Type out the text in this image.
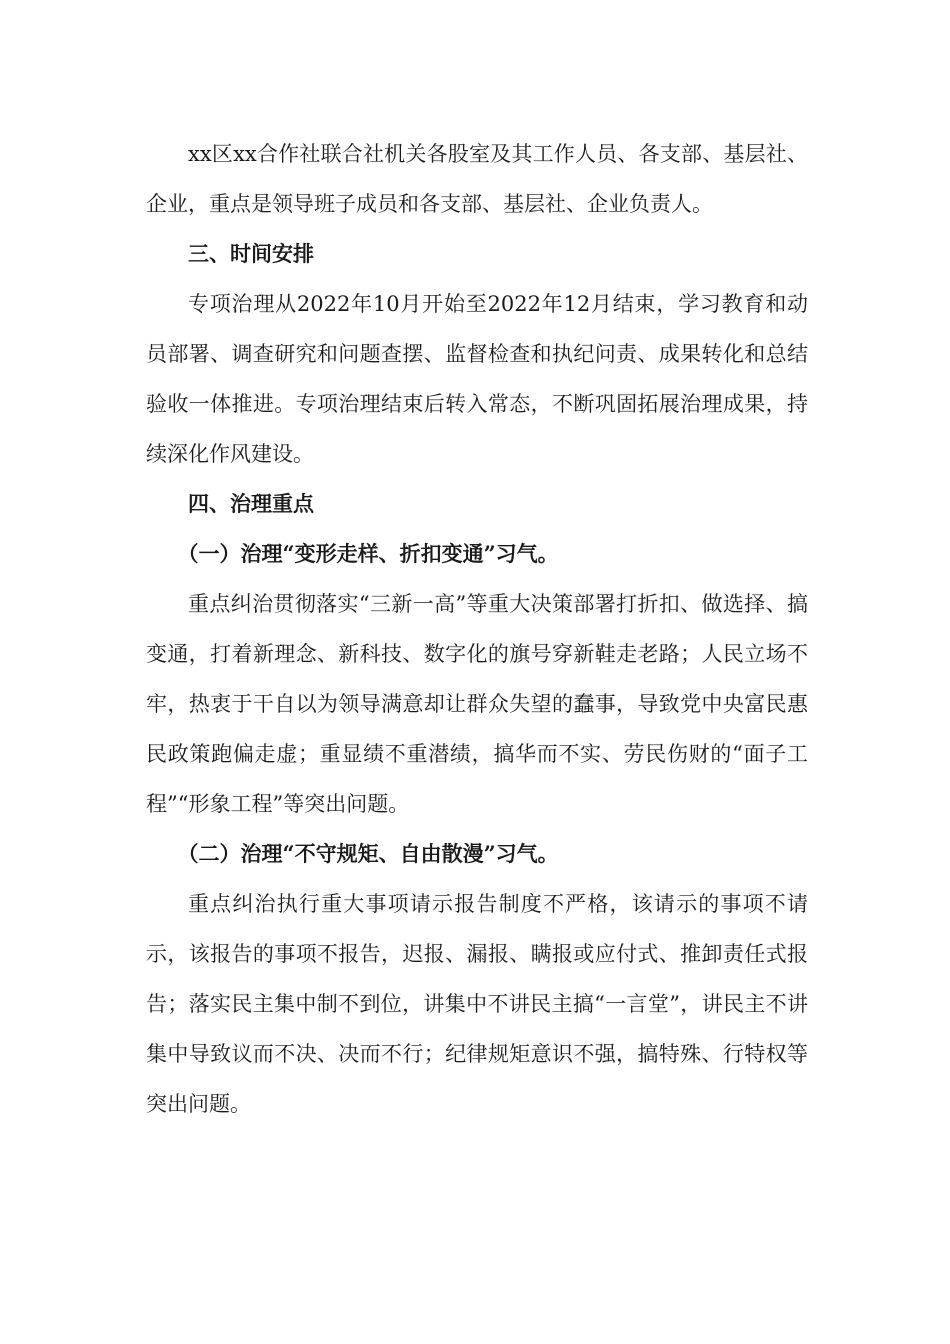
xx区xx合作社联合社机关各股室及其工作人员、各支部、基层社、企业，重点是领导班子成员和各支部、基层社、企业负责人。

三、时间安排

专项治理从2022年10月开始至2022年12月结束，学习教育和动员部署、调查研究和问题查摆、监督检查和执纪问责、成果转化和总结验收一体推进。专项治理结束后转入常态，不断巩固拓展治理成果，持续深化作风建设。

四、治理重点

（一）治理“变形走样、折扣变通”习气。

重点纠治贯彻落实“三新一高”等重大决策部署打折扣、做选择、搞变通，打着新理念、新科技、数字化的旗号穿新鞋走老路；人民立场不牢，热衷于干自以为领导满意却让群众失望的蠢事，导致党中央富民惠民政策跑偏走虚；重显绩不重潜绩，搞华而不实、劳民伤财的“面子工程”“形象工程”等突出问题。

（二）治理“不守规矩、自由散漫”习气。

重点纠治执行重大事项请示报告制度不严格，该请示的事项不请示，该报告的事项不报告，迟报、漏报、瞒报或应付式、推卸责任式报告；落实民主集中制不到位，讲集中不讲民主搞“一言堂”，讲民主不讲集中导致议而不决、决而不行；纪律规矩意识不强，搞特殊、行特权等突出问题。
